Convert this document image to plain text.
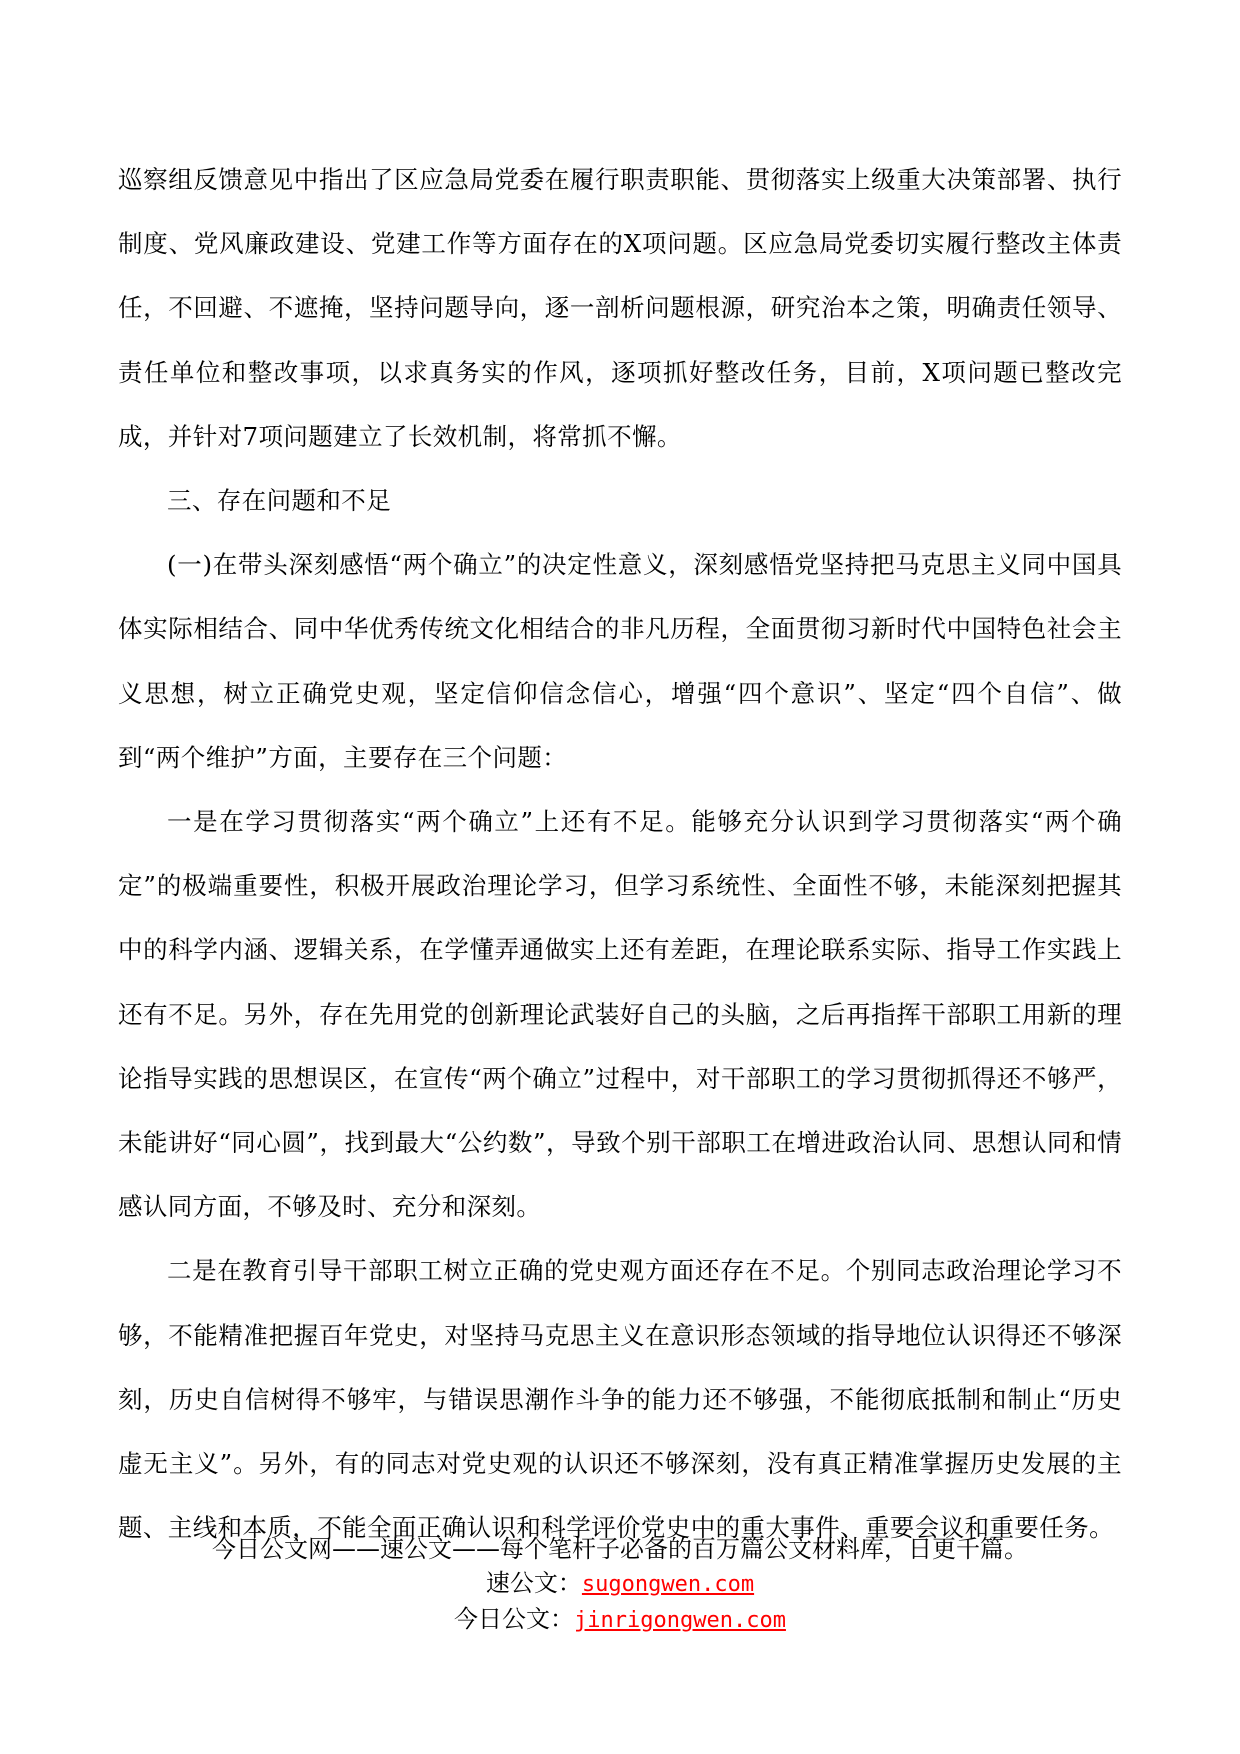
巡察组反馈意见中指出了区应急局党委在履行职责职能、贯彻落实上级重大决策部署、执行制度、党风廉政建设、党建工作等方面存在的X项问题。区应急局党委切实履行整改主体责任，不回避、不遮掩，坚持问题导向，逐一剖析问题根源，研究治本之策，明确责任领导、责任单位和整改事项，以求真务实的作风，逐项抓好整改任务，目前，X项问题已整改完成，并针对7项问题建立了长效机制，将常抓不懈。

三、存在问题和不足

(一)在带头深刻感悟“两个确立”的决定性意义，深刻感悟党坚持把马克思主义同中国具体实际相结合、同中华优秀传统文化相结合的非凡历程，全面贯彻习新时代中国特色社会主义思想，树立正确党史观，坚定信仰信念信心，增强“四个意识”、坚定“四个自信”、做到“两个维护”方面，主要存在三个问题：

一是在学习贯彻落实“两个确立”上还有不足。能够充分认识到学习贯彻落实“两个确定”的极端重要性，积极开展政治理论学习，但学习系统性、全面性不够，未能深刻把握其中的科学内涵、逻辑关系，在学懂弄通做实上还有差距，在理论联系实际、指导工作实践上还有不足。另外，存在先用党的创新理论武装好自己的头脑，之后再指挥干部职工用新的理论指导实践的思想误区，在宣传“两个确立”过程中，对干部职工的学习贯彻抓得还不够严，未能讲好“同心圆”，找到最大“公约数”，导致个别干部职工在增进政治认同、思想认同和情感认同方面，不够及时、充分和深刻。

二是在教育引导干部职工树立正确的党史观方面还存在不足。个别同志政治理论学习不够，不能精准把握百年党史，对坚持马克思主义在意识形态领域的指导地位认识得还不够深刻，历史自信树得不够牢，与错误思潮作斗争的能力还不够强，不能彻底抵制和制止“历史虚无主义”。另外，有的同志对党史观的认识还不够深刻，没有真正精准掌握历史发展的主题、主线和本质，不能全面正确认识和科学评价党史中的重大事件、重要会议和重要任务。

今日公文网——速公文——每个笔杆子必备的百万篇公文材料库，日更千篇。
速公文：sugongwen.com
今日公文：jinrigongwen.com
